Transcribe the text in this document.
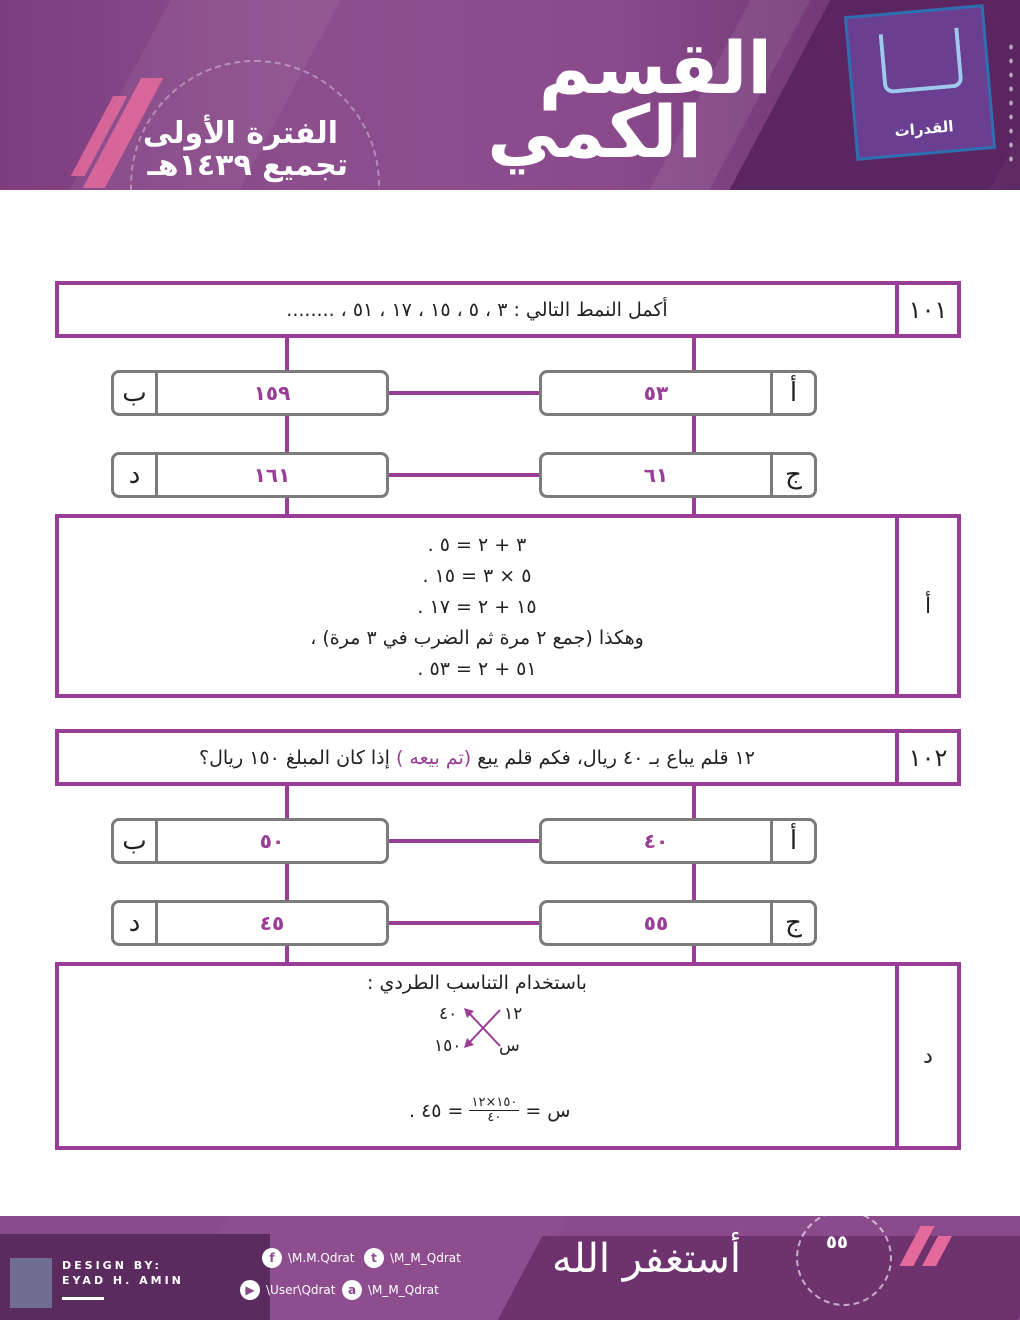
الفترة الأولى
تجميع ١٤٣٩هـ
القسم
الكمي	القدرات
أكمل النمط التالي : ٣ ، ٥ ، ١٥ ، ١٧ ، ٥١ ، ........	١٠١
ب	١٥٩	٥٣	أ
د	١٦١	٦١	ج
٣ + ٢ = ٥ .
٥ × ٣ = ١٥ .
١٥ + ٢ = ١٧ .
وهكذا (جمع ٢ مرة ثم الضرب في ٣ مرة) ،
٥١ + ٢ = ٥٣ .
أ
١٢ قلم يباع بـ ٤٠ ريال، فكم قلم يبع

(تم بيعه )

إذا كان المبلغ ١٥٠ ريال؟	١٠٢
ب	٥٠	٤٠	أ
د	٤٥	٥٥	ج
باستخدام التناسب الطردي :
١٢
٤٠
س
١٥٠
س =
١٥٠×١٢
٤٠
= ٤٥ .
د
DESIGN BY:
EYAD H. AMIN
f	\M.M.Qdrat	t	\M_M_Qdrat
▶ \User\Qdrat	a \M_M_Qdrat
أستغفر الله	٥٥
